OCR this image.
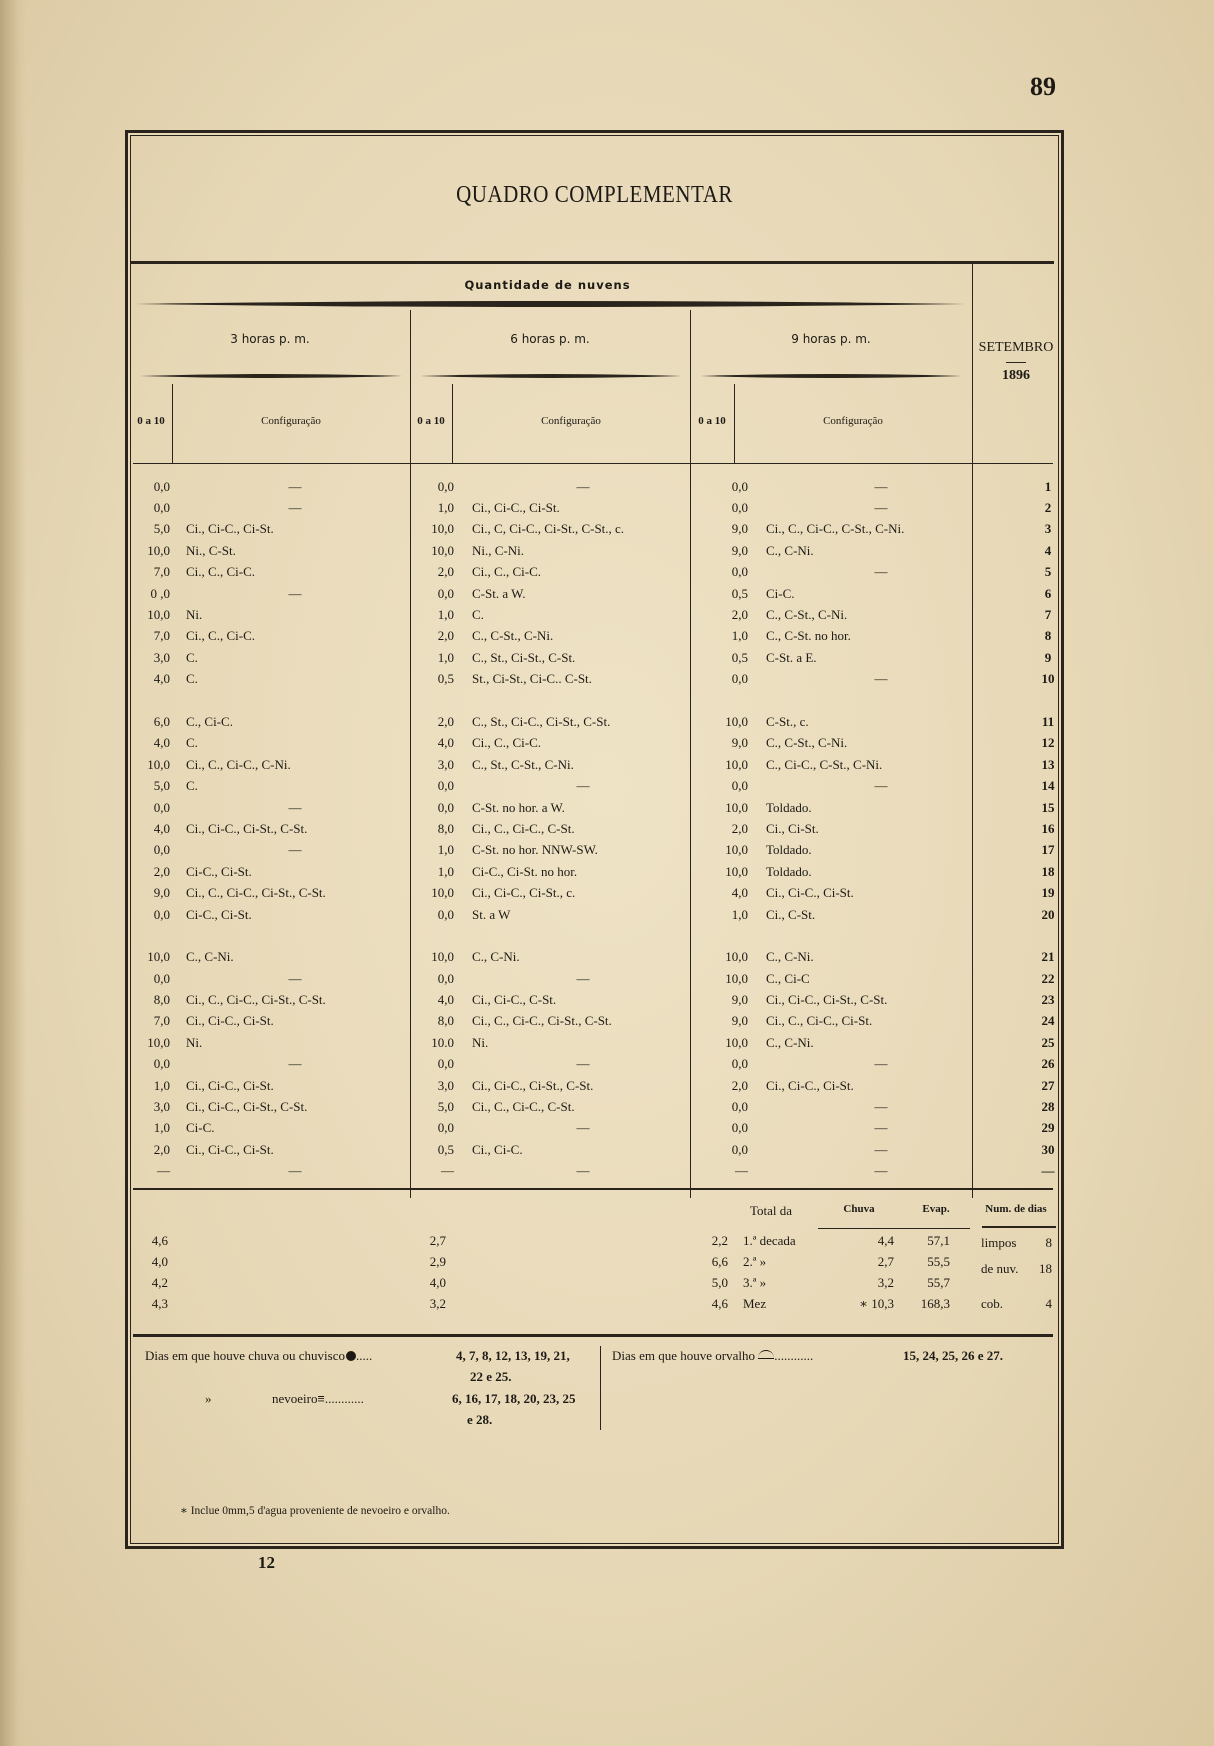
89
QUADRO COMPLEMENTAR
Quantidade de nuvens
SETEMBRO
1896
3 horas p. m.	6 horas p. m.	9 horas p. m.
0 a 10	Configuração	0 a 10	Configuração	0 a 10	Configuração
0,0	—	0,0	—	0,0	—	1
0,0	—	1,0	Ci., Ci-C., Ci-St.	0,0	—	2
5,0	Ci., Ci-C., Ci-St.	10,0	Ci., C, Ci-C., Ci-St., C-St., c.	9,0	Ci., C., Ci-C., C-St., C-Ni.	3
10,0	Ni., C-St.	10,0	Ni., C-Ni.	9,0	C., C-Ni.	4
7,0	Ci., C., Ci-C.	2,0	Ci., C., Ci-C.	0,0	—	5
0 ,0	—	0,0	C-St. a W.	0,5	Ci-C.	6
10,0	Ni.	1,0	C.	2,0	C., C-St., C-Ni.	7
7,0	Ci., C., Ci-C.	2,0	C., C-St., C-Ni.	1,0	C., C-St. no hor.	8
3,0	C.	1,0	C., St., Ci-St., C-St.	0,5	C-St. a E.	9
4,0	C.	0,5	St., Ci-St., Ci-C.. C-St.	0,0	—	10

6,0	C., Ci-C.	2,0	C., St., Ci-C., Ci-St., C-St.	10,0	C-St., c.	11
4,0	C.	4,0	Ci., C., Ci-C.	9,0	C., C-St., C-Ni.	12
10,0	Ci., C., Ci-C., C-Ni.	3,0	C., St., C-St., C-Ni.	10,0	C., Ci-C., C-St., C-Ni.	13
5,0	C.	0,0	—	0,0	—	14
0,0	—	0,0	C-St. no hor. a W.	10,0	Toldado.	15
4,0	Ci., Ci-C., Ci-St., C-St.	8,0	Ci., C., Ci-C., C-St.	2,0	Ci., Ci-St.	16
0,0	—	1,0	C-St. no hor. NNW-SW.	10,0	Toldado.	17
2,0	Ci-C., Ci-St.	1,0	Ci-C., Ci-St. no hor.	10,0	Toldado.	18
9,0	Ci., C., Ci-C., Ci-St., C-St.	10,0	Ci., Ci-C., Ci-St., c.	4,0	Ci., Ci-C., Ci-St.	19
0,0	Ci-C., Ci-St.	0,0	St. a W	1,0	Ci., C-St.	20

10,0	C., C-Ni.	10,0	C., C-Ni.	10,0	C., C-Ni.	21
0,0	—	0,0	—	10,0	C., Ci-C	22
8,0	Ci., C., Ci-C., Ci-St., C-St.	4,0	Ci., Ci-C., C-St.	9,0	Ci., Ci-C., Ci-St., C-St.	23
7,0	Ci., Ci-C., Ci-St.	8,0	Ci., C., Ci-C., Ci-St., C-St.	9,0	Ci., C., Ci-C., Ci-St.	24
10,0	Ni.	10.0	Ni.	10,0	C., C-Ni.	25
0,0	—	0,0	—	0,0	—	26
1,0	Ci., Ci-C., Ci-St.	3,0	Ci., Ci-C., Ci-St., C-St.	2,0	Ci., Ci-C., Ci-St.	27
3,0	Ci., Ci-C., Ci-St., C-St.	5,0	Ci., C., Ci-C., C-St.	0,0	—	28
1,0	Ci-C.	0,0	—	0,0	—	29
2,0	Ci., Ci-C., Ci-St.	0,5	Ci., Ci-C.	0,0	—	30
—	—	—	—	—	—	—
Total da	Chuva	Evap.	Num. de dias
4,6	2,7	2,2 1.ª decada	4,4	57,1 limpos	8
4,0	2,9	6,6 2.ª »	2,7	55,5 de nuv.	18
4,2	4,0	5,0 3.ª »	3,2	55,7
4,3	3,2	4,6 Mez	∗ 10,3	168,3 cob.	4
Dias em que houve chuva ou chuvisco .....	4, 7, 8, 12, 13, 19, 21,
22 e 25.
»	nevoeiro≡............	6, 16, 17, 18, 20, 23, 25
e 28.
Dias em que houve orvalho ............	15, 24, 25, 26 e 27.
∗ Inclue 0mm,5 d'agua proveniente de nevoeiro e orvalho.
12
